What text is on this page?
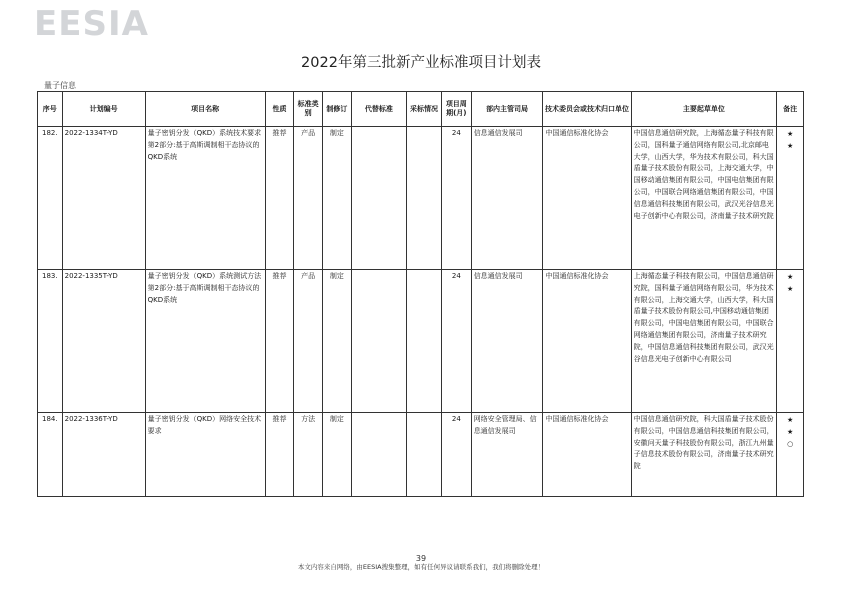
EESIA
2022年第三批新产业标准项目计划表
量子信息
序号	计划编号	项目名称	性质	标准类别	制修订	代替标准	采标情况	项目周期(月)	部内主管司局	技术委员会或技术归口单位	主要起草单位	备注
182.	2022-1334T-YD	量子密钥分发（QKD）系统技术要求 第2部分:基于高斯调制相干态协议的QKD系统	推荐	产品	制定			24	信息通信发展司	中国通信标准化协会	中国信息通信研究院，上海循态量子科技有限公司，国科量子通信网络有限公司,北京邮电大学，山西大学，华为技术有限公司，科大国盾量子技术股份有限公司，上海交通大学，中国移动通信集团有限公司，中国电信集团有限公司，中国联合网络通信集团有限公司，中国信息通信科技集团有限公司，武汉光谷信息光电子创新中心有限公司，济南量子技术研究院	★
★
183.	2022-1335T-YD	量子密钥分发（QKD）系统测试方法 第2部分:基于高斯调制相干态协议的QKD系统	推荐	产品	制定			24	信息通信发展司	中国通信标准化协会	上海循态量子科技有限公司，中国信息通信研究院，国科量子通信网络有限公司，华为技术有限公司，上海交通大学，山西大学，科大国盾量子技术股份有限公司,中国移动通信集团有限公司，中国电信集团有限公司，中国联合网络通信集团有限公司，济南量子技术研究院，中国信息通信科技集团有限公司，武汉光谷信息光电子创新中心有限公司	★
★
184.	2022-1336T-YD	量子密钥分发（QKD）网络安全技术要求	推荐	方法	制定			24	网络安全管理局、信息通信发展司	中国通信标准化协会	中国信息通信研究院，科大国盾量子技术股份有限公司，中国信息通信科技集团有限公司，安徽问天量子科技股份有限公司，浙江九州量子信息技术股份有限公司，济南量子技术研究院	★
★
○
39
本文内容来自网络，由EESIA搜集整理，如有任何异议请联系我们，我们将删除处理！
